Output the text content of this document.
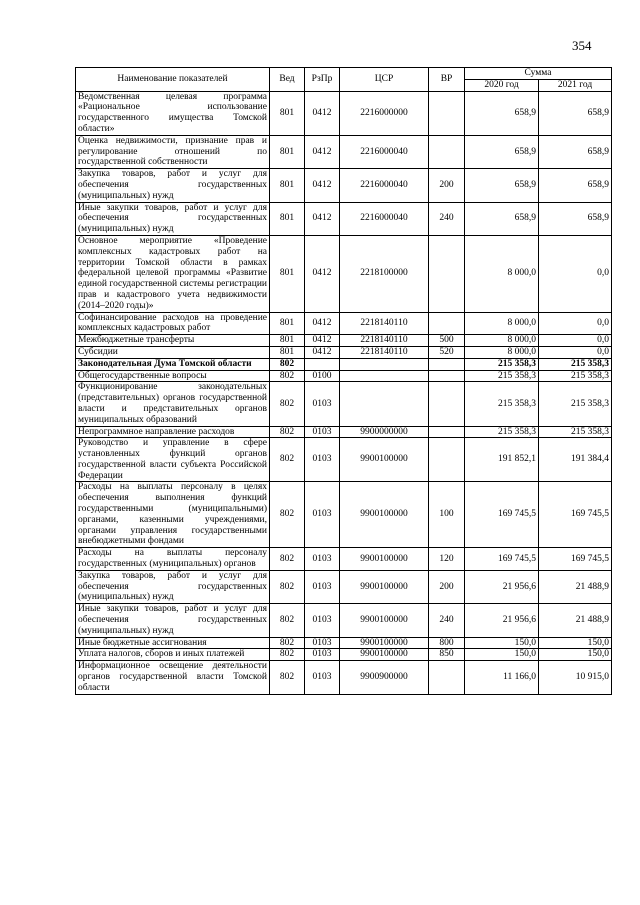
354
Наименование показателей	Вед	РзПр	ЦСР	ВР	Сумма	
					2020 год	2021 год
Ведомственная целевая программа «Рациональное использование государственного имущества Томской области»	801	0412	2216000000		658,9	658,9
Оценка недвижимости, признание прав и регулирование отношений по государственной собственности	801	0412	2216000040		658,9	658,9
Закупка товаров, работ и услуг для обеспечения государственных (муниципальных) нужд	801	0412	2216000040	200	658,9	658,9
Иные закупки товаров, работ и услуг для обеспечения государственных (муниципальных) нужд	801	0412	2216000040	240	658,9	658,9
Основное мероприятие «Проведение комплексных кадастровых работ на территории Томской области в рамках федеральной целевой программы «Развитие единой государственной системы регистрации прав и кадастрового учета недвижимости (2014–2020 годы)»	801	0412	2218100000		8 000,0	0,0
Софинансирование расходов на проведение комплексных кадастровых работ	801	0412	2218140110		8 000,0	0,0
Межбюджетные трансферты	801	0412	2218140110	500	8 000,0	0,0
Субсидии	801	0412	2218140110	520	8 000,0	0,0
Законодательная Дума Томской области	802				215 358,3	215 358,3
Общегосударственные вопросы	802	0100			215 358,3	215 358,3
Функционирование законодательных (представительных) органов государственной власти и представительных органов муниципальных образований	802	0103			215 358,3	215 358,3
Непрограммное направление расходов	802	0103	9900000000		215 358,3	215 358,3
Руководство и управление в сфере установленных функций органов государственной власти субъекта Российской Федерации	802	0103	9900100000		191 852,1	191 384,4
Расходы на выплаты персоналу в целях обеспечения выполнения функций государственными (муниципальными) органами, казенными учреждениями, органами управления государственными внебюджетными фондами	802	0103	9900100000	100	169 745,5	169 745,5
Расходы на выплаты персоналу государственных (муниципальных) органов	802	0103	9900100000	120	169 745,5	169 745,5
Закупка товаров, работ и услуг для обеспечения государственных (муниципальных) нужд	802	0103	9900100000	200	21 956,6	21 488,9
Иные закупки товаров, работ и услуг для обеспечения государственных (муниципальных) нужд	802	0103	9900100000	240	21 956,6	21 488,9
Иные бюджетные ассигнования	802	0103	9900100000	800	150,0	150,0
Уплата налогов, сборов и иных платежей	802	0103	9900100000	850	150,0	150,0
Информационное освещение деятельности органов государственной власти Томской области	802	0103	9900900000		11 166,0	10 915,0
